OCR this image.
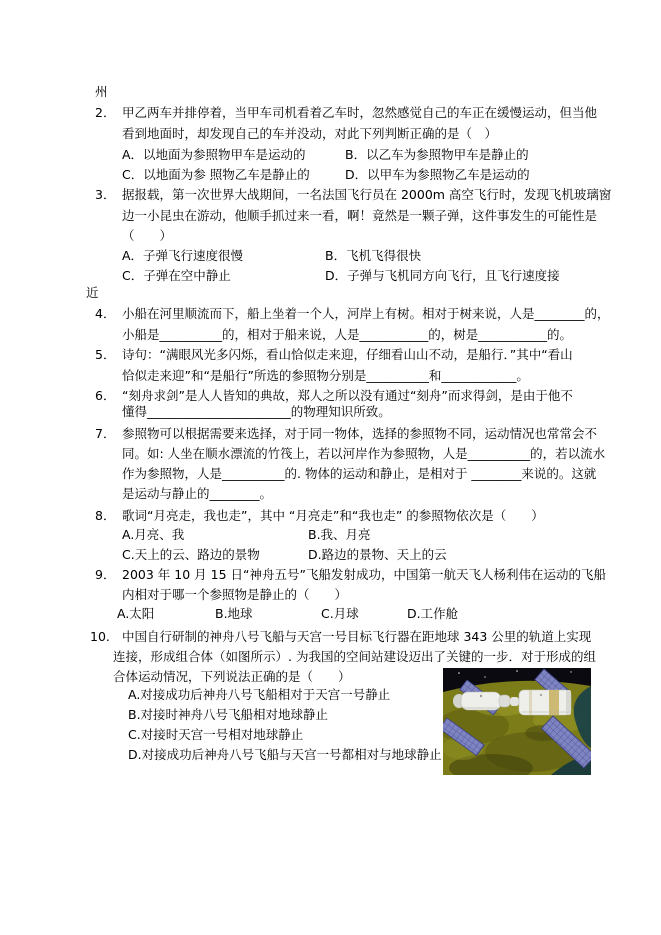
州
2． 甲乙两车并排停着，当甲车司机看着乙车时，忽然感觉自己的车正在缓慢运动，但当他
看到地面时，却发现自己的车并没动，对此下列判断正确的是（　）
A．以地面为参照物甲车是运动的	B．以乙车为参照物甲车是静止的
C．以地面为参 照物乙车是静止的	D．以甲车为参照物乙车是运动的
3． 据报载，第一次世界大战期间，一名法国飞行员在 2000m 高空飞行时，发现飞机玻璃窗
边一小昆虫在游动，他顺手抓过来一看，啊！竟然是一颗子弹，这件事发生的可能性是
（　　）
A．子弹飞行速度很慢	B．飞机飞得很快
C．子弹在空中静止	D．子弹与飞机同方向飞行，且飞行速度接
近
4． 小船在河里顺流而下，船上坐着一个人，河岸上有树。相对于树来说，人是________的，
小船是__________的，相对于船来说，人是___________的，树是___________的。
5． 诗句：“满眼风光多闪烁，看山恰似走来迎，仔细看山山不动，是船行．”其中“看山
恰似走来迎”和“是船行”所选的参照物分别是__________和____________。
6． “刻舟求剑”是人人皆知的典故，郑人之所以没有通过“刻舟”而求得剑，是由于他不
懂得_______________________的物理知识所致。
7． 参照物可以根据需要来选择，对于同一物体，选择的参照物不同，运动情况也常常会不
同。如: 人坐在顺水漂流的竹筏上，若以河岸作为参照物，人是__________的，若以流水
作为参照物，人是__________的. 物体的运动和静止，是相对于 ________来说的。这就
是运动与静止的________。
8． 歌词“月亮走，我也走”，其中 “月亮走”和“我也走” 的参照物依次是（　　）
A.月亮、我	B.我、月亮
C.天上的云、路边的景物	D.路边的景物、天上的云
9． 2003 年 10 月 15 日“神舟五号”飞船发射成功，中国第一航天飞人杨利伟在运动的飞船
内相对于哪一个参照物是静止的（　　）
A.太阳	B.地球	C.月球	D.工作舱
10. 中国自行研制的神舟八号飞船与天宫一号目标飞行器在距地球 343 公里的轨道上实现
连接，形成组合体（如图所示）. 为我国的空间站建设迈出了关键的一步．对于形成的组
合体运动情况，下列说法正确的是（　　）
A.对接成功后神舟八号飞船相对于天宫一号静止
B.对接时神舟八号飞船相对地球静止
C.对接时天宫一号相对地球静止
D.对接成功后神舟八号飞船与天宫一号都相对与地球静止
